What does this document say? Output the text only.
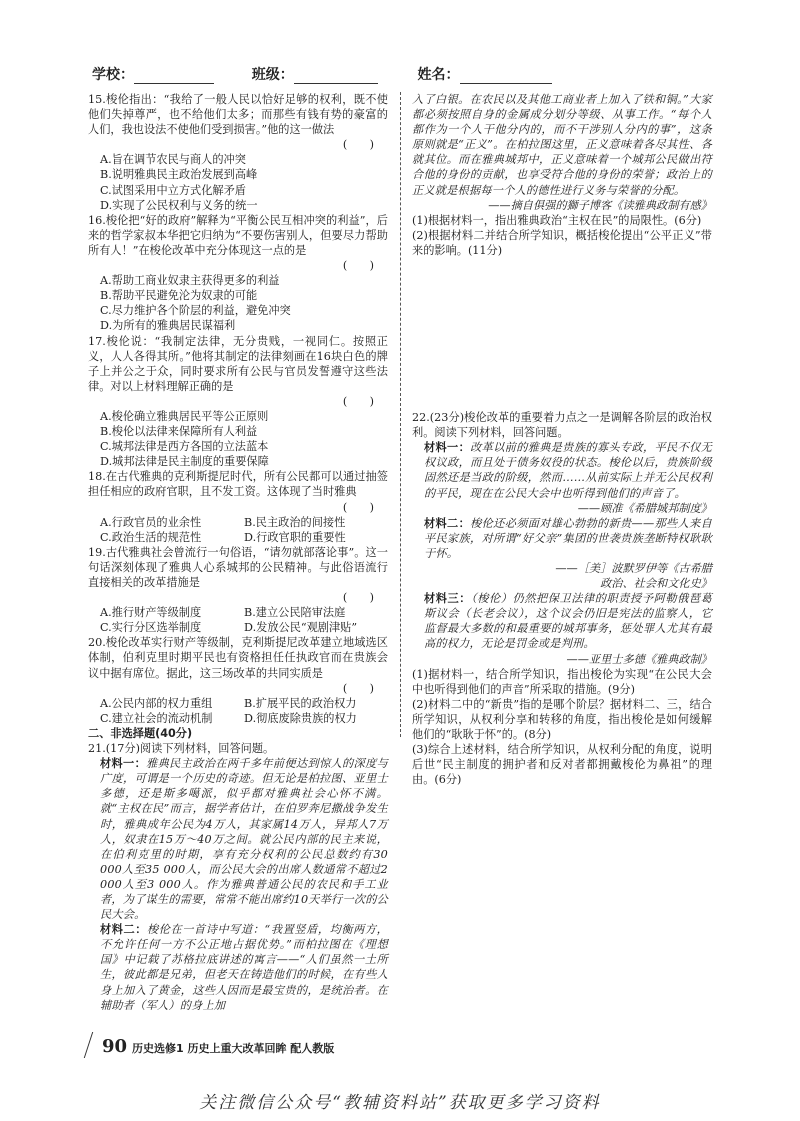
学校：	班级：	姓名：

15.梭伦指出：“我给了一般人民以恰好足够的权利，既不使他们失掉尊严，也不给他们太多；而那些有钱有势的豪富的人们，我也设法不使他们受到损害。”他的这一做法

(　　)

A.旨在调节农民与商人的冲突

B.说明雅典民主政治发展到高峰

C.试图采用中立方式化解矛盾

D.实现了公民权利与义务的统一

16.梭伦把“好的政府”解释为“平衡公民互相冲突的利益”，后来的哲学家叔本华把它归纳为“不要伤害别人，但要尽力帮助所有人！”在梭伦改革中充分体现这一点的是

(　　)

A.帮助工商业奴隶主获得更多的利益

B.帮助平民避免沦为奴隶的可能

C.尽力维护各个阶层的利益，避免冲突

D.为所有的雅典居民谋福利

17.梭伦说：“我制定法律，无分贵贱，一视同仁。按照正义，人人各得其所。”他将其制定的法律刻画在16块白色的牌子上并公之于众，同时要求所有公民与官员发誓遵守这些法律。对以上材料理解正确的是

(　　)

A.梭伦确立雅典居民平等公正原则

B.梭伦以法律来保障所有人利益

C.城邦法律是西方各国的立法蓝本

D.城邦法律是民主制度的重要保障

18.在古代雅典的克利斯提尼时代，所有公民都可以通过抽签担任相应的政府官职，且不发工资。这体现了当时雅典

(　　)
A.行政官员的业余性	B.民主政治的间接性
C.政治生活的规范性	D.行政官职的重要性

19.古代雅典社会曾流行一句俗语，“请勿就部落论事”。这一句话深刻体现了雅典人心系城邦的公民精神。与此俗语流行直接相关的改革措施是

(　　)
A.推行财产等级制度	B.建立公民陪审法庭
C.实行分区选举制度	D.发放公民“观剧津贴”

20.梭伦改革实行财产等级制，克利斯提尼改革建立地域选区体制，伯利克里时期平民也有资格担任任执政官而在贵族会议中据有席位。据此，这三场改革的共同实质是

(　　)
A.公民内部的权力重组	B.扩展平民的政治权力
C.建立社会的流动机制	D.彻底废除贵族的权力

二、非选择题(40分)

21.(17分)阅读下列材料，回答问题。

材料一：雅典民主政治在两千多年前便达到惊人的深度与广度，可谓是一个历史的奇迹。但无论是柏拉图、亚里士多德，还是斯多噶派，似乎都对雅典社会心怀不满。就“主权在民”而言，据学者估计，在伯罗奔尼撒战争发生时，雅典成年公民为4万人，其家属14万人，异邦人7万人，奴隶在15万～40万之间。就公民内部的民主来说，在伯利克里的时期，享有充分权利的公民总数约有30 000人至35 000人，而公民大会的出席人数通常不超过2 000人至3 000人。作为雅典普通公民的农民和手工业者，为了谋生的需要，常常不能出席约10天举行一次的公民大会。

材料二：梭伦在一首诗中写道：“我置竖盾，均衡两方，不允许任何一方不公正地占据优势。”而柏拉图在《理想国》中记载了苏格拉底讲述的寓言——“人们虽然一土所生，彼此都是兄弟，但老天在铸造他们的时候，在有些人身上加入了黄金，这些人因而是最宝贵的，是统治者。在辅助者（军人）的身上加

入了白银。在农民以及其他工商业者上加入了铁和铜。”大家都必须按照自身的金属成分划分等级、从事工作。“每个人都作为一个人干他分内的，而不干涉别人分内的事”，这条原则就是“正义”。在柏拉图这里，正义意味着各尽其性、各就其位。而在雅典城邦中，正义意味着一个城邦公民做出符合他的身份的贡献，也享受符合他的身份的荣誉；政治上的正义就是根据每一个人的德性进行义务与荣誉的分配。

——摘自俱强的獅子博客《读雅典政制有感》

(1)根据材料一，指出雅典政治“主权在民”的局限性。(6分)

(2)根据材料二并结合所学知识，概括梭伦提出“公平正义”带来的影响。(11分)

22.(23分)梭伦改革的重要着力点之一是调解各阶层的政治权利。阅读下列材料，回答问题。

材料一：改革以前的雅典是贵族的寡头专政，平民不仅无权议政，而且处于债务奴役的状态。梭伦以后，贵族阶级固然还是当政的阶级，然而……从前实际上并无公民权利的平民，现在在公民大会中也听得到他们的声音了。

——顾准《希腊城邦制度》

材料二：梭伦还必须面对雄心勃勃的新贵——那些人来自平民家族，对所谓“好父亲”集团的世袭贵族垄断特权耿耿于怀。

——［美］波默罗伊等《古希腊

政治、社会和文化史》

材料三：（梭伦）仍然把保卫法律的职责授予阿勒俄琶葛斯议会（长老会议），这个议会仍旧是宪法的监察人，它监督最大多数的和最重要的城邦事务，惩处罪人尤其有最高的权力，无论是罚金或是判刑。

——亚里士多德《雅典政制》

(1)据材料一，结合所学知识，指出梭伦为实现“在公民大会中也听得到他们的声音”所采取的措施。(9分)

(2)材料二中的“新贵”指的是哪个阶层？据材料二、三，结合所学知识，从权利分享和转移的角度，指出梭伦是如何缓解他们的“耿耿于怀”的。(8分)

(3)综合上述材料，结合所学知识，从权利分配的角度，说明后世“民主制度的拥护者和反对者都拥戴梭伦为鼻祖”的理由。(6分)

90 历史选修1 历史上重大改革回眸 配人教版
关注微信公众号“教辅资料站”获取更多学习资料
